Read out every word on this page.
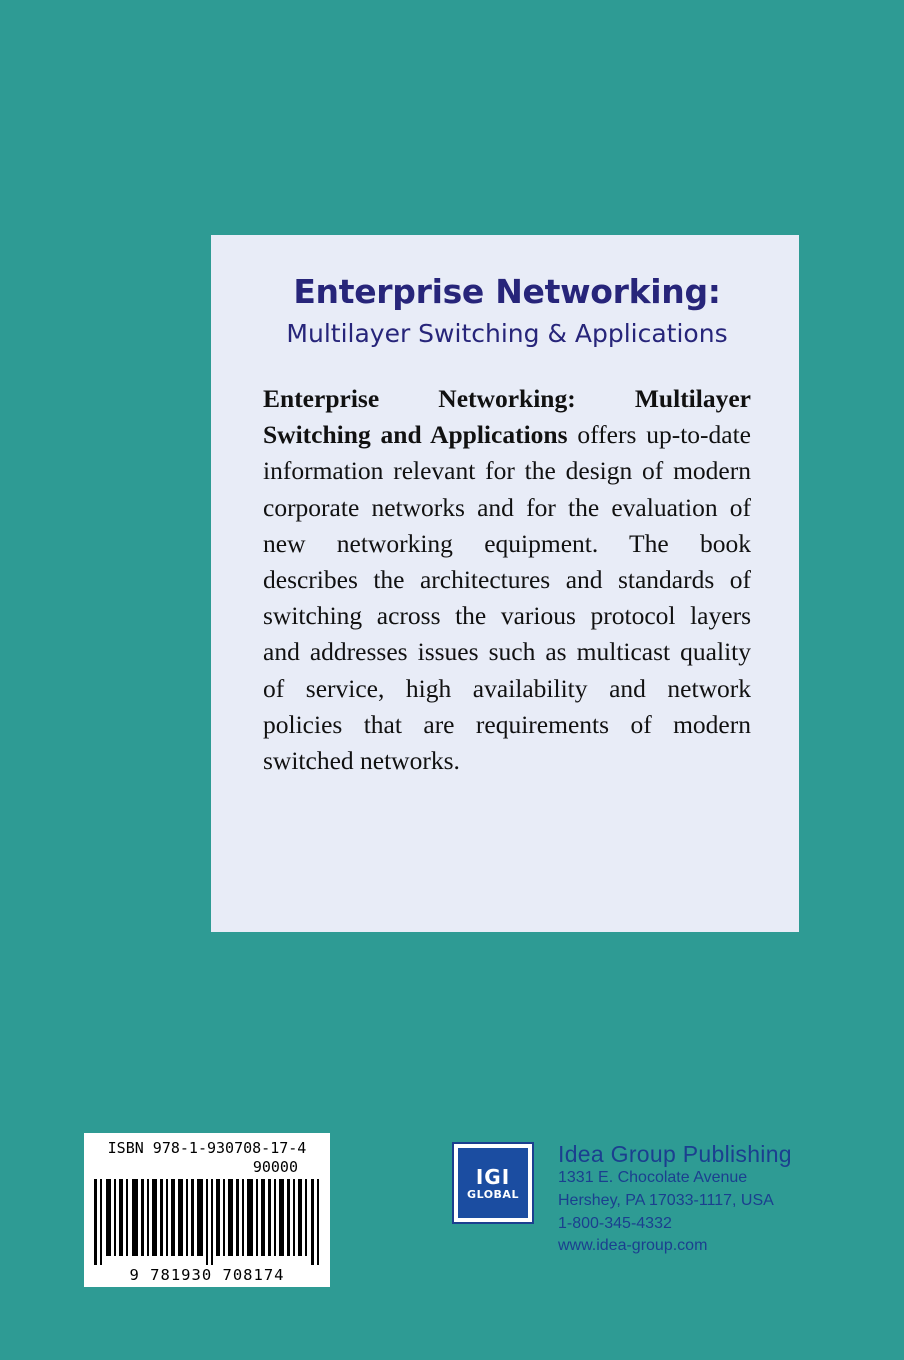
Enterprise Networking:
Multilayer Switching & Applications

Enterprise Networking: Multilayer Switching and Applications offers up-to-date information relevant for the design of modern corporate networks and for the evaluation of new networking equipment. The book describes the architectures and standards of switching across the various protocol layers and addresses issues such as multicast quality of service, high availability and network policies that are requirements of modern switched networks.

ISBN 978-1-930708-17-4
90000
9 781930 708174
IGI
GLOBAL
Idea Group Publishing
1331 E. Chocolate Avenue
Hershey, PA 17033-1117, USA
1-800-345-4332
www.idea-group.com
